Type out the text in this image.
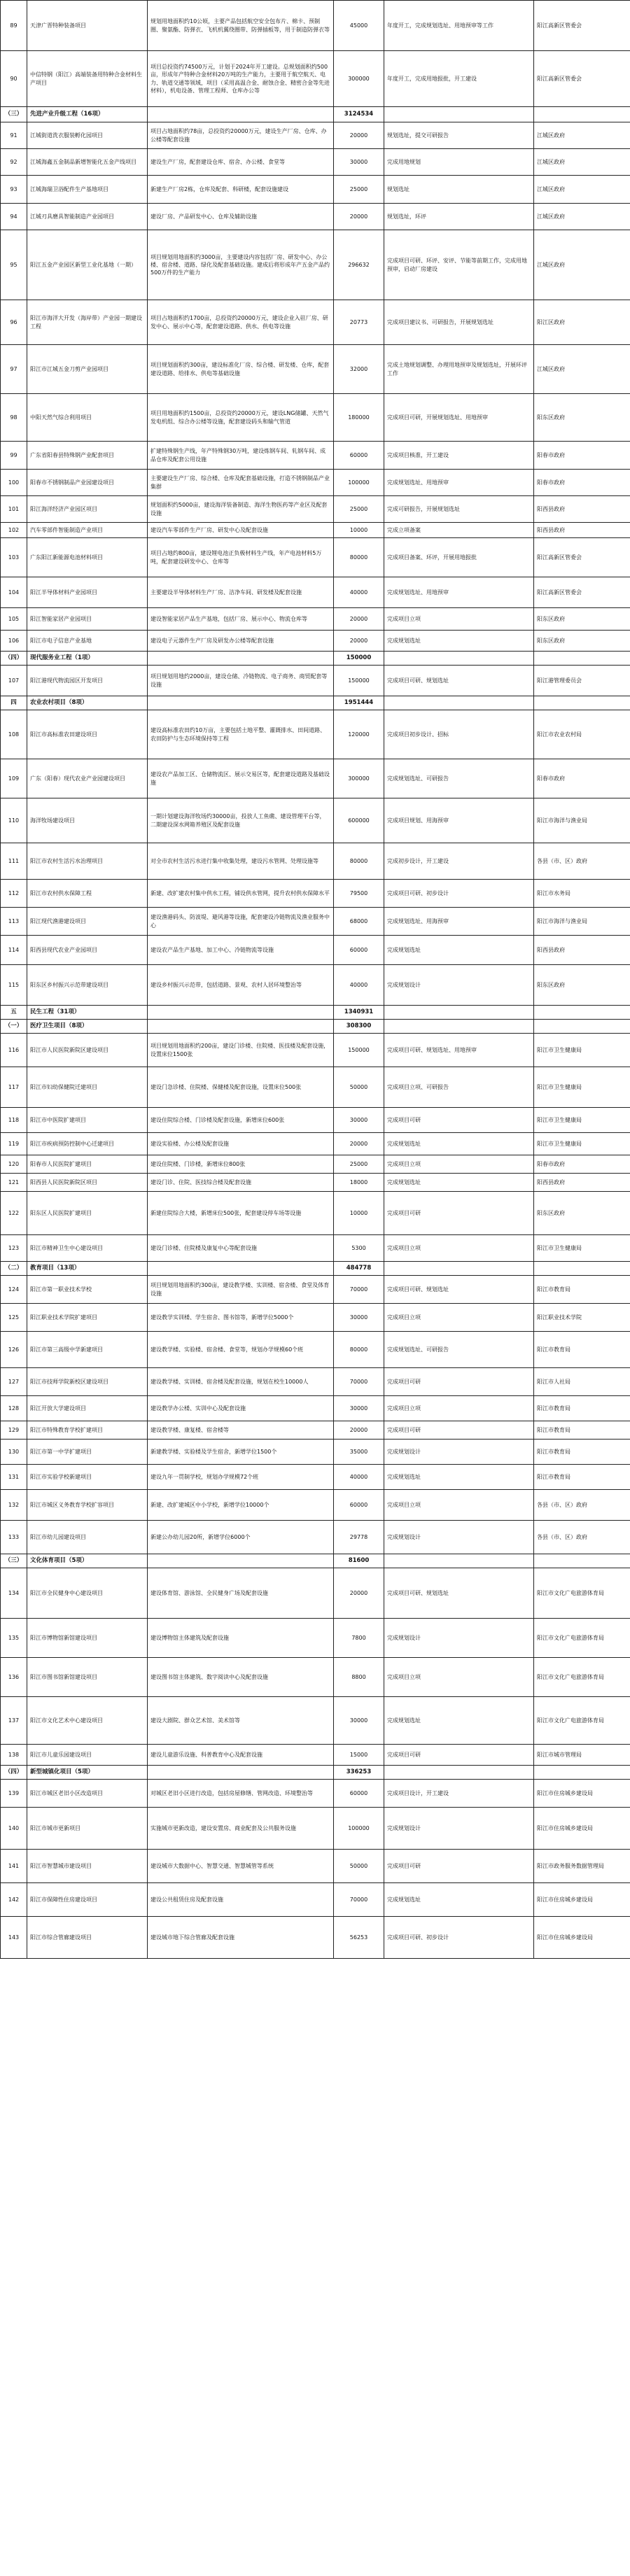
89	天津广晋特种装备项目	规划用地面积约10公顷，主要产品包括航空安全包布片、棉卡、预制圈、聚氨酯、防弹衣、飞机机翼绕圈带、防弹插板等，用于制造防弹衣等	45000	年度开工，完成规划选址、用地预审等工作	阳江高新区管委会
90	中信特钢（阳江）高端装备用特种合金材料生产项目	项目总投资约74500万元，计划于2024年开工建设。总规划面积约500亩，形成年产特种合金材料20万吨的生产能力，主要用于航空航天、电力、轨道交通等领域，项目（采用高温合金、耐蚀合金、精密合金等先进材料），机电设备、管理工程师、仓库办公等	300000	年度开工，完成用地报批，开工建设	阳江高新区管委会
（三）	先进产业升级工程（16项）		3124534		
91	江城街道洗衣服装孵化园项目	项目占地面积约78亩，总投资约20000万元，建设生产厂房、仓库、办公楼等配套设施	20000	规划选址，提交可研报告	江城区政府
92	江城海鑫五金制品新增智能化五金产线项目	建设生产厂房，配套建设仓库、宿舍、办公楼、食堂等	30000	完成用地规划	江城区政府
93	江城海瑞卫浴配件生产基地项目	新建生产厂房2栋，仓库及配套、科研楼，配套设施建设	25000	规划选址	江城区政府
94	江城刃具磨具智能制造产业园项目	建设厂房、产品研发中心、仓库及辅助设施	20000	规划选址，环评	江城区政府
95	阳江五金产业园区新型工业化基地（一期）	项目规划用地面积约3000亩，主要建设内容包括厂房、研发中心、办公楼、宿舍楼、道路、绿化及配套基础设施。建成后将形成年产五金产品约500万件的生产能力	296632	完成项目可研、环评、安评、节能等前期工作，完成用地预审，启动厂房建设	江城区政府
96	阳江市海洋大开发（海岸带）产业园一期建设工程	项目占地面积约1700亩，总投资约20000万元，建设企业入驻厂房、研发中心、展示中心等，配套建设道路、供水、供电等设施	20773	完成项目建议书、可研报告，开展规划选址	阳江区政府
97	阳江市江城五金刀剪产业园项目	项目规划面积约300亩，建设标准化厂房、综合楼、研发楼、仓库，配套建设道路、给排水、供电等基础设施	32000	完成土地规划调整、办理用地预审及规划选址，开展环评工作	江城区政府
98	中阳天然气综合利用项目	项目用地面积约1500亩，总投资约20000万元，建设LNG储罐、天然气发电机组、综合办公楼等设施，配套建设码头和输气管道	180000	完成项目可研，开展规划选址、用地预审	阳东区政府
99	广东省阳春县特殊钢产业配套项目	扩建特殊钢生产线，年产特殊钢30万吨，建设炼钢车间、轧钢车间、成品仓库及配套公用设施	60000	完成项目核准，开工建设	阳春市政府
100	阳春市不锈钢制品产业园建设项目	主要建设生产厂房、综合楼、仓库及配套基础设施，打造不锈钢制品产业集群	100000	完成规划选址、用地预审	阳春市政府
101	阳江海洋经济产业园区项目	规划面积约5000亩，建设海洋装备制造、海洋生物医药等产业区及配套设施	25000	完成可研报告，开展规划选址	阳西县政府
102	汽车零部件智能制造产业项目	建设汽车零部件生产厂房、研发中心及配套设施	10000	完成立项备案	阳西县政府
103	广东阳江新能源电池材料项目	项目占地约800亩，建设锂电池正负极材料生产线，年产电池材料5万吨，配套建设研发中心、仓库等	80000	完成项目备案、环评，开展用地报批	阳江高新区管委会
104	阳江半导体材料产业园项目	主要建设半导体材料生产厂房、洁净车间、研发楼及配套设施	40000	完成规划选址、用地预审	阳江高新区管委会
105	阳江智能家居产业园项目	建设智能家居产品生产基地，包括厂房、展示中心、物流仓库等	20000	完成项目立项	阳东区政府
106	阳江市电子信息产业基地	建设电子元器件生产厂房及研发办公楼等配套设施	20000	完成规划选址	阳东区政府
（四）	现代服务业工程（1项）		150000		
107	阳江港现代物流园区开发项目	项目规划用地约2000亩，建设仓储、冷链物流、电子商务、商贸配套等设施	150000	完成项目可研、规划选址	阳江港管理委员会
四	农业农村项目（8项）		1951444		
108	阳江市高标准农田建设项目	建设高标准农田约10万亩，主要包括土地平整、灌溉排水、田间道路、农田防护与生态环境保持等工程	120000	完成项目初步设计、招标	阳江市农业农村局
109	广东（阳春）现代农业产业园建设项目	建设农产品加工区、仓储物流区、展示交易区等，配套建设道路及基础设施	300000	完成规划选址、可研报告	阳春市政府
110	海洋牧场建设项目	一期计划建设海洋牧场约30000亩，投放人工鱼礁、建设管理平台等，二期建设深水网箱养殖区及配套设施	600000	完成项目规划、用海预审	阳江市海洋与渔业局
111	阳江市农村生活污水治理项目	对全市农村生活污水进行集中收集处理，建设污水管网、处理设施等	80000	完成初步设计，开工建设	各县（市、区）政府
112	阳江市农村供水保障工程	新建、改扩建农村集中供水工程，铺设供水管网，提升农村供水保障水平	79500	完成项目可研、初步设计	阳江市水务局
113	阳江现代渔港建设项目	建设渔港码头、防波堤、避风港等设施，配套建设冷链物流及渔业服务中心	68000	完成规划选址、用海预审	阳江市海洋与渔业局
114	阳西县现代农业产业园项目	建设农产品生产基地、加工中心、冷链物流等设施	60000	完成规划选址	阳西县政府
115	阳东区乡村振兴示范带建设项目	建设乡村振兴示范带，包括道路、景观、农村人居环境整治等	40000	完成规划设计	阳东区政府
五	民生工程（31项）		1340931		
（一）	医疗卫生项目（8项）		308300		
116	阳江市人民医院新院区建设项目	项目规划用地面积约200亩，建设门诊楼、住院楼、医技楼及配套设施，设置床位1500张	150000	完成项目可研、规划选址、用地预审	阳江市卫生健康局
117	阳江市妇幼保健院迁建项目	建设门急诊楼、住院楼、保健楼及配套设施，设置床位500张	50000	完成项目立项、可研报告	阳江市卫生健康局
118	阳江市中医院扩建项目	建设住院综合楼、门诊楼及配套设施，新增床位600张	30000	完成项目可研	阳江市卫生健康局
119	阳江市疾病预防控制中心迁建项目	建设实验楼、办公楼及配套设施	20000	完成规划选址	阳江市卫生健康局
120	阳春市人民医院扩建项目	建设住院楼、门诊楼，新增床位800张	25000	完成项目立项	阳春市政府
121	阳西县人民医院新院区项目	建设门诊、住院、医技综合楼及配套设施	18000	完成规划选址	阳西县政府
122	阳东区人民医院扩建项目	新建住院综合大楼，新增床位500张，配套建设停车场等设施	10000	完成项目可研	阳东区政府
123	阳江市精神卫生中心建设项目	建设门诊楼、住院楼及康复中心等配套设施	5300	完成项目立项	阳江市卫生健康局
（二）	教育项目（13项）		484778		
124	阳江市第一职业技术学校	项目规划用地面积约300亩，建设教学楼、实训楼、宿舍楼、食堂及体育设施	70000	完成项目可研、规划选址	阳江市教育局
125	阳江职业技术学院扩建项目	建设教学实训楼、学生宿舍、图书馆等，新增学位5000个	30000	完成项目立项	阳江职业技术学院
126	阳江市第三高级中学新建项目	建设教学楼、实验楼、宿舍楼、食堂等，规划办学规模60个班	80000	完成规划选址、可研报告	阳江市教育局
127	阳江市技师学院新校区建设项目	建设教学楼、实训楼、宿舍楼及配套设施，规划在校生10000人	70000	完成项目可研	阳江市人社局
128	阳江开放大学建设项目	建设教学办公楼、实训中心及配套设施	30000	完成项目立项	阳江市教育局
129	阳江市特殊教育学校扩建项目	建设教学楼、康复楼、宿舍楼等	20000	完成项目可研	阳江市教育局
130	阳江市第一中学扩建项目	新建教学楼、实验楼及学生宿舍，新增学位1500个	35000	完成规划设计	阳江市教育局
131	阳江市实验学校新建项目	建设九年一贯制学校，规划办学规模72个班	40000	完成规划选址	阳江市教育局
132	阳江市城区义务教育学校扩容项目	新建、改扩建城区中小学校，新增学位10000个	60000	完成项目立项	各县（市、区）政府
133	阳江市幼儿园建设项目	新建公办幼儿园20所，新增学位6000个	29778	完成规划设计	各县（市、区）政府
（三）	文化体育项目（5项）		81600		
134	阳江市全民健身中心建设项目	建设体育馆、游泳馆、全民健身广场及配套设施	20000	完成项目可研、规划选址	阳江市文化广电旅游体育局
135	阳江市博物馆新馆建设项目	建设博物馆主体建筑及配套设施	7800	完成规划设计	阳江市文化广电旅游体育局
136	阳江市图书馆新馆建设项目	建设图书馆主体建筑、数字阅读中心及配套设施	8800	完成项目立项	阳江市文化广电旅游体育局
137	阳江市文化艺术中心建设项目	建设大剧院、群众艺术馆、美术馆等	30000	完成规划选址	阳江市文化广电旅游体育局
138	阳江市儿童乐园建设项目	建设儿童游乐设施、科普教育中心及配套设施	15000	完成项目可研	阳江市城市管理局
（四）	新型城镇化项目（5项）		336253		
139	阳江市城区老旧小区改造项目	对城区老旧小区进行改造，包括房屋修缮、管网改造、环境整治等	60000	完成项目设计，开工建设	阳江市住房城乡建设局
140	阳江市城市更新项目	实施城市更新改造，建设安置房、商业配套及公共服务设施	100000	完成规划设计	阳江市住房城乡建设局
141	阳江市智慧城市建设项目	建设城市大数据中心、智慧交通、智慧城管等系统	50000	完成项目可研	阳江市政务服务数据管理局
142	阳江市保障性住房建设项目	建设公共租赁住房及配套设施	70000	完成规划选址	阳江市住房城乡建设局
143	阳江市综合管廊建设项目	建设城市地下综合管廊及配套设施	56253	完成项目可研、初步设计	阳江市住房城乡建设局
